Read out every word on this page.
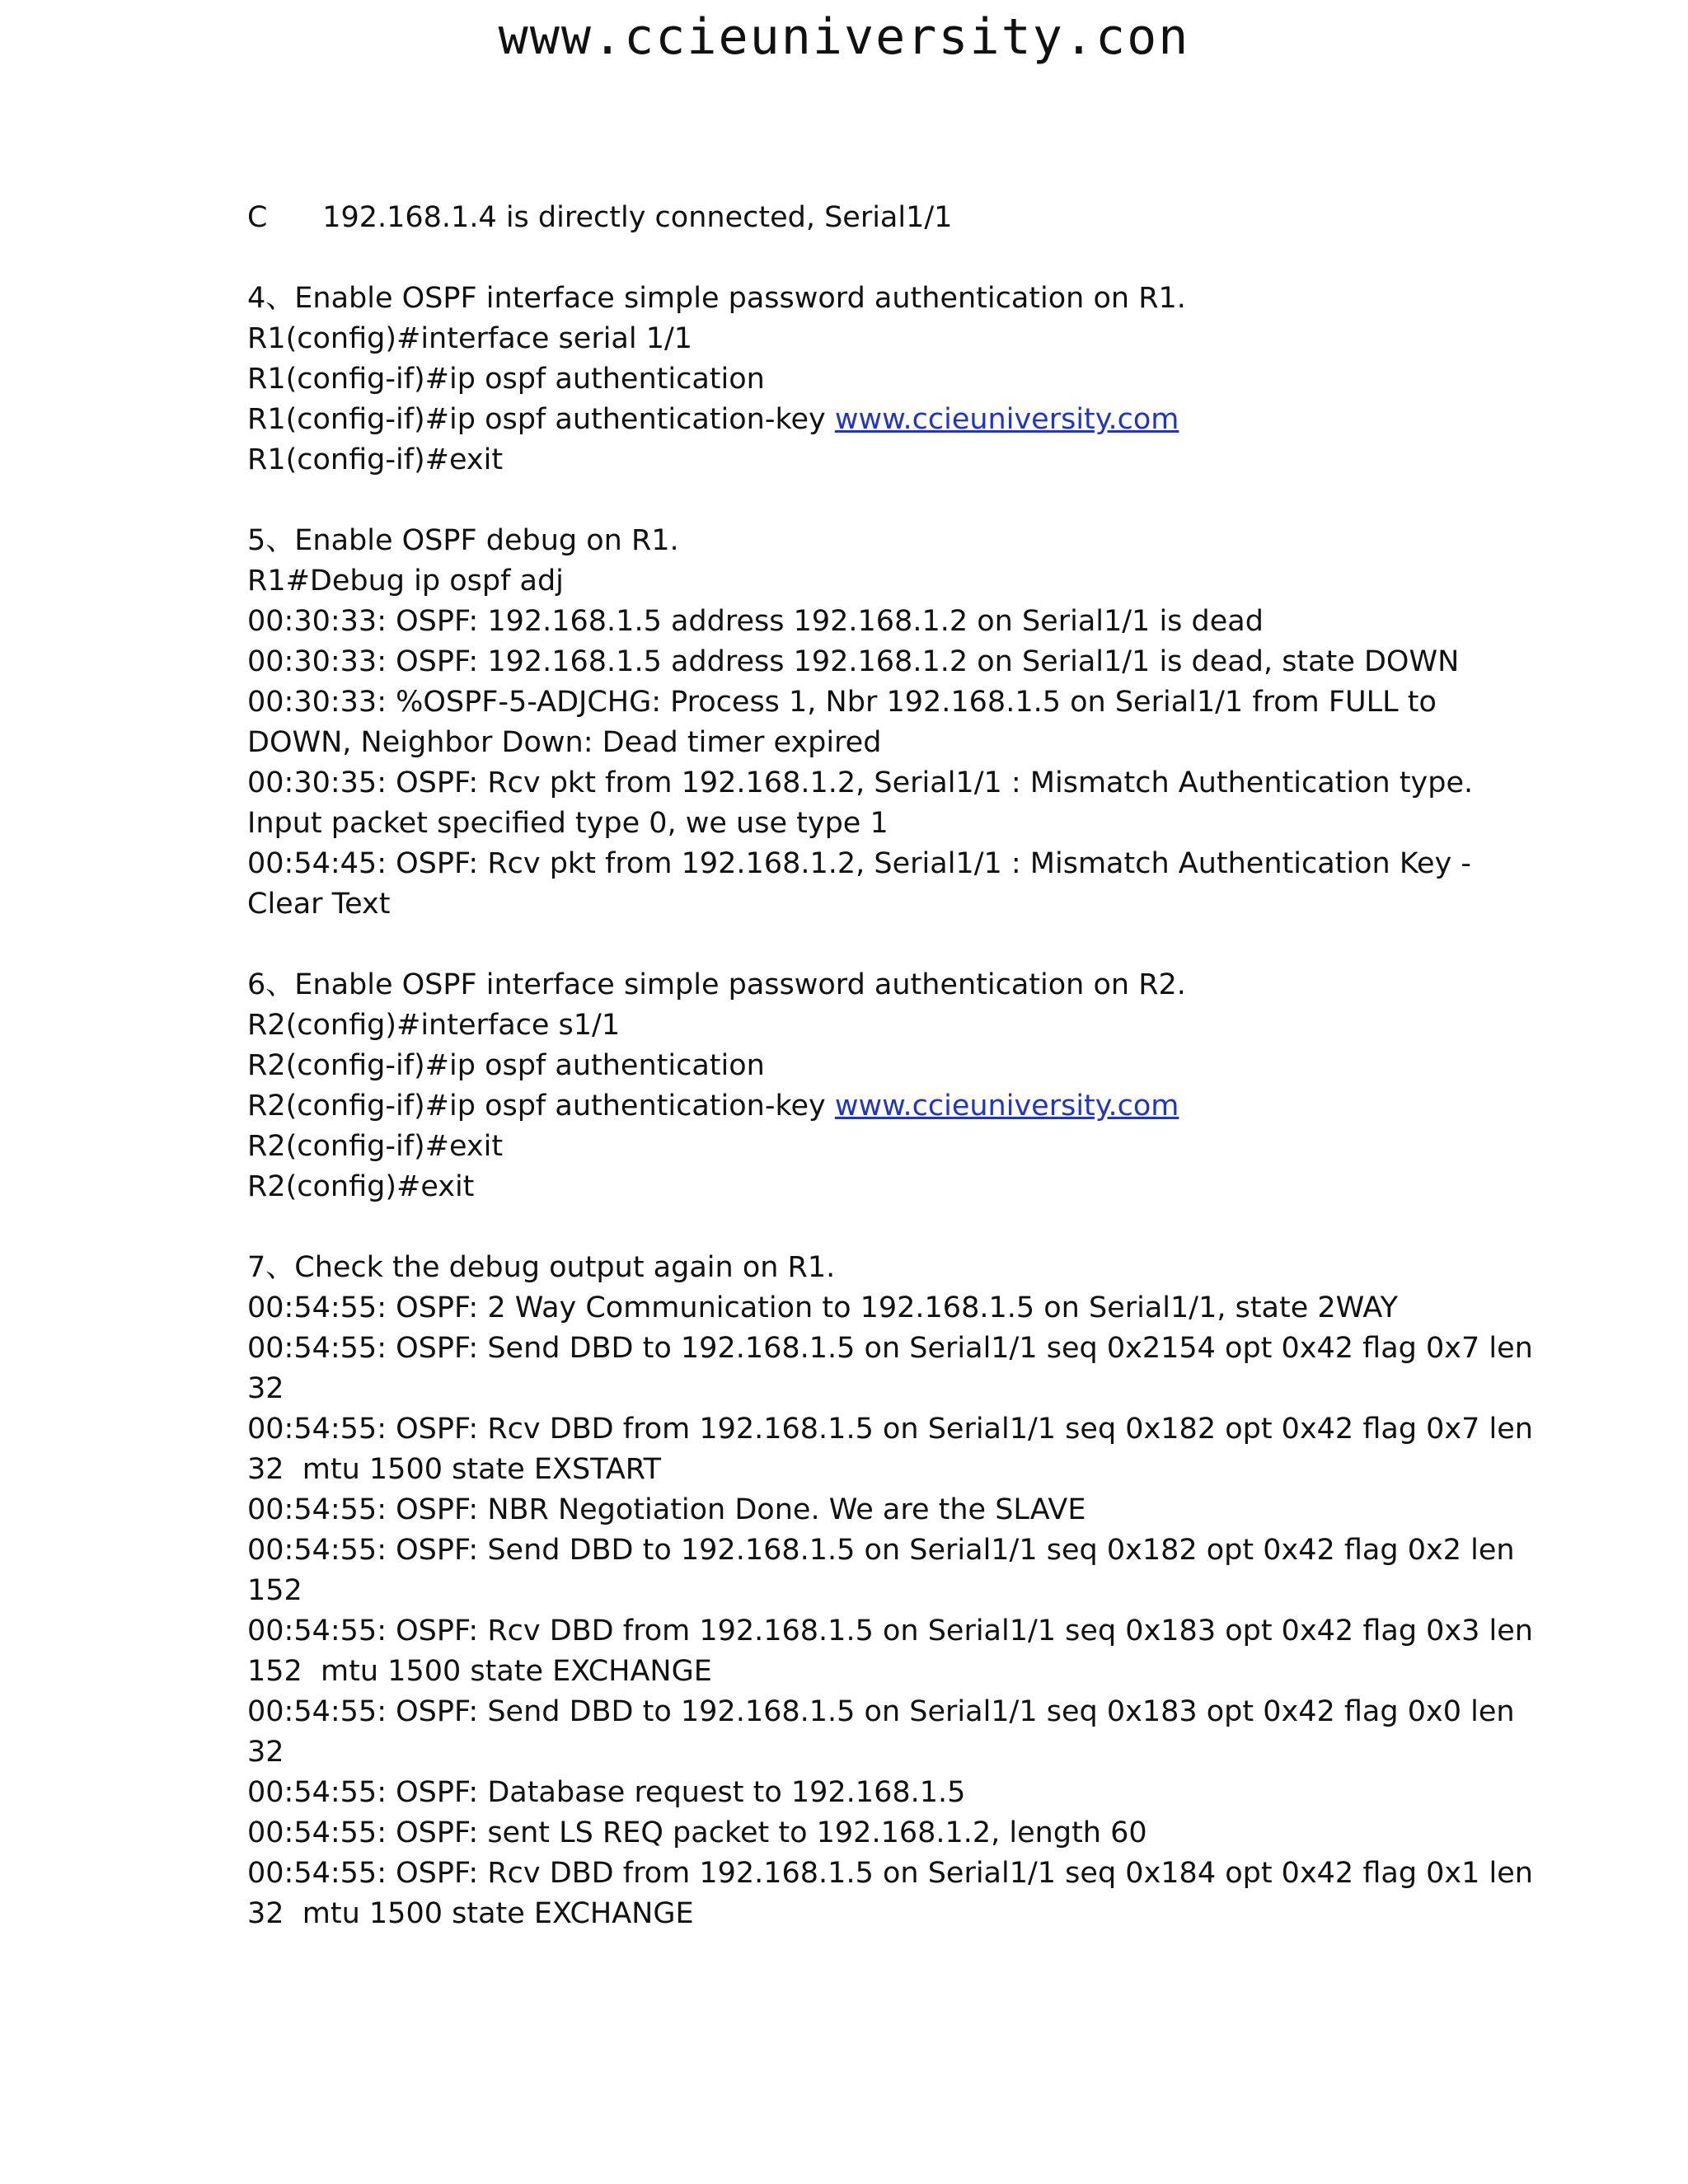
www.ccieuniversity.con
C      192.168.1.4 is directly connected, Serial1/1
4、Enable OSPF interface simple password authentication on R1.
R1(config)#interface serial 1/1
R1(config-if)#ip ospf authentication
R1(config-if)#ip ospf authentication-key www.ccieuniversity.com
R1(config-if)#exit
5、Enable OSPF debug on R1.
R1#Debug ip ospf adj
00:30:33: OSPF: 192.168.1.5 address 192.168.1.2 on Serial1/1 is dead
00:30:33: OSPF: 192.168.1.5 address 192.168.1.2 on Serial1/1 is dead, state DOWN
00:30:33: %OSPF-5-ADJCHG: Process 1, Nbr 192.168.1.5 on Serial1/1 from FULL to
DOWN, Neighbor Down: Dead timer expired
00:30:35: OSPF: Rcv pkt from 192.168.1.2, Serial1/1 : Mismatch Authentication type.
Input packet specified type 0, we use type 1
00:54:45: OSPF: Rcv pkt from 192.168.1.2, Serial1/1 : Mismatch Authentication Key -
Clear Text
6、Enable OSPF interface simple password authentication on R2.
R2(config)#interface s1/1
R2(config-if)#ip ospf authentication
R2(config-if)#ip ospf authentication-key www.ccieuniversity.com
R2(config-if)#exit
R2(config)#exit
7、Check the debug output again on R1.
00:54:55: OSPF: 2 Way Communication to 192.168.1.5 on Serial1/1, state 2WAY
00:54:55: OSPF: Send DBD to 192.168.1.5 on Serial1/1 seq 0x2154 opt 0x42 flag 0x7 len
32
00:54:55: OSPF: Rcv DBD from 192.168.1.5 on Serial1/1 seq 0x182 opt 0x42 flag 0x7 len
32  mtu 1500 state EXSTART
00:54:55: OSPF: NBR Negotiation Done. We are the SLAVE
00:54:55: OSPF: Send DBD to 192.168.1.5 on Serial1/1 seq 0x182 opt 0x42 flag 0x2 len
152
00:54:55: OSPF: Rcv DBD from 192.168.1.5 on Serial1/1 seq 0x183 opt 0x42 flag 0x3 len
152  mtu 1500 state EXCHANGE
00:54:55: OSPF: Send DBD to 192.168.1.5 on Serial1/1 seq 0x183 opt 0x42 flag 0x0 len
32
00:54:55: OSPF: Database request to 192.168.1.5
00:54:55: OSPF: sent LS REQ packet to 192.168.1.2, length 60
00:54:55: OSPF: Rcv DBD from 192.168.1.5 on Serial1/1 seq 0x184 opt 0x42 flag 0x1 len
32  mtu 1500 state EXCHANGE
